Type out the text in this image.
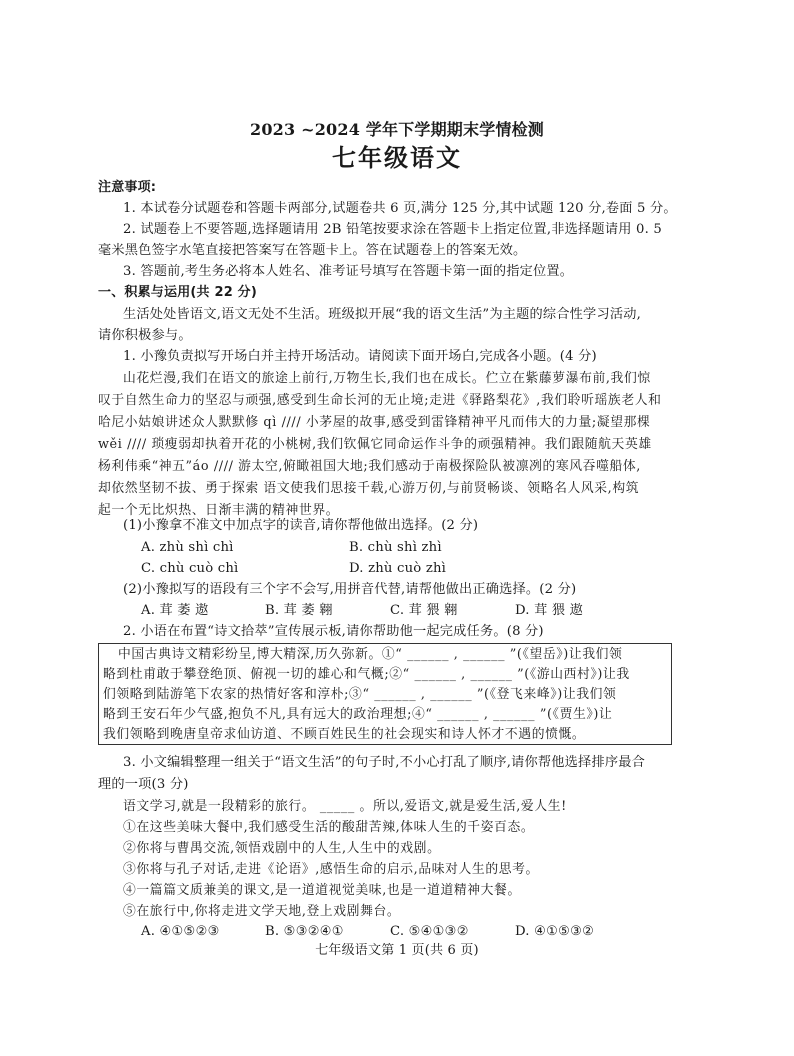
2023 ~2024 学年下学期期末学情检测
七年级语文
注意事项:
1. 本试卷分试题卷和答题卡两部分,试题卷共 6 页,满分 125 分,其中试题 120 分,卷面 5 分。
2. 试题卷上不要答题,选择题请用 2B 铅笔按要求涂在答题卡上指定位置,非选择题请用 0. 5
毫米黑色签字水笔直接把答案写在答题卡上。答在试题卷上的答案无效。
3. 答题前,考生务必将本人姓名、准考证号填写在答题卡第一面的指定位置。
一、积累与运用(共 22 分)
生活处处皆语文,语文无处不生活。班级拟开展“我的语文生活”为主题的综合性学习活动,
请你积极参与。
1. 小豫负责拟写开场白并主持开场活动。请阅读下面开场白,完成各小题。(4 分)
山花烂漫,我们在语文的旅途上前行,万物生长,我们也在成长。伫立在紫藤萝瀑布前,我们惊
叹于自然生命力的坚忍与顽强,感受到生命长河的无止境;走进《驿路梨花》,我们聆听瑶族老人和
哈尼小姑娘讲述众人默默修 qì //// 小茅屋的故事,感受到雷锋精神平凡而伟大的力量;凝望那棵
wěi //// 琐瘦弱却执着开花的小桃树,我们钦佩它同命运作斗争的顽强精神。我们跟随航天英雄
杨利伟乘“神五”áo //// 游太空,俯瞰祖国大地;我们感动于南极探险队被凛冽的寒风吞噬船体,
却依然坚韧不拔、勇于探索 语文使我们思接千载,心游万仞,与前贤畅谈、领略名人风采,构筑
起一个无比炽热、日渐丰满的精神世界。
(1)小豫拿不准文中加点字的读音,请你帮他做出选择。(2 分)
A. zhù shì chì	B. chù shì zhì
C. chù cuò chì	D. zhù cuò zhì
(2)小豫拟写的语段有三个字不会写,用拼音代替,请帮他做出正确选择。(2 分)
A. 茸 萎 遨	B. 茸 萎 翱	C. 茸 猥 翱	D. 茸 猥 遨
2. 小语在布置“诗文拾萃”宣传展示板,请你帮助他一起完成任务。(8 分)
中国古典诗文精彩纷呈,博大精深,历久弥新。①“ ______ , ______ ”(《望岳》)让我们领
略到杜甫敢于攀登绝顶、俯视一切的雄心和气概;②“ ______ , ______ ”(《游山西村》)让我
们领略到陆游笔下农家的热情好客和淳朴;③“ ______ , ______ ”(《登飞来峰》)让我们领
略到王安石年少气盛,抱负不凡,具有远大的政治理想;④“ ______ , ______ ”(《贾生》)让
我们领略到晚唐皇帝求仙访道、不顾百姓民生的社会现实和诗人怀才不遇的愤慨。
3. 小文编辑整理一组关于“语文生活”的句子时,不小心打乱了顺序,请你帮他选择排序最合
理的一项(3 分)
语文学习,就是一段精彩的旅行。 _____ 。所以,爱语文,就是爱生活,爱人生!
①在这些美味大餐中,我们感受生活的酸甜苦辣,体味人生的千姿百态。
②你将与曹禺交流,领悟戏剧中的人生,人生中的戏剧。
③你将与孔子对话,走进《论语》,感悟生命的启示,品味对人生的思考。
④一篇篇文质兼美的课文,是一道道视觉美味,也是一道道精神大餐。
⑤在旅行中,你将走进文学天地,登上戏剧舞台。
A. ④①⑤②③	B. ⑤③②④①	C. ⑤④①③②	D. ④①⑤③②
七年级语文第 1 页(共 6 页)
